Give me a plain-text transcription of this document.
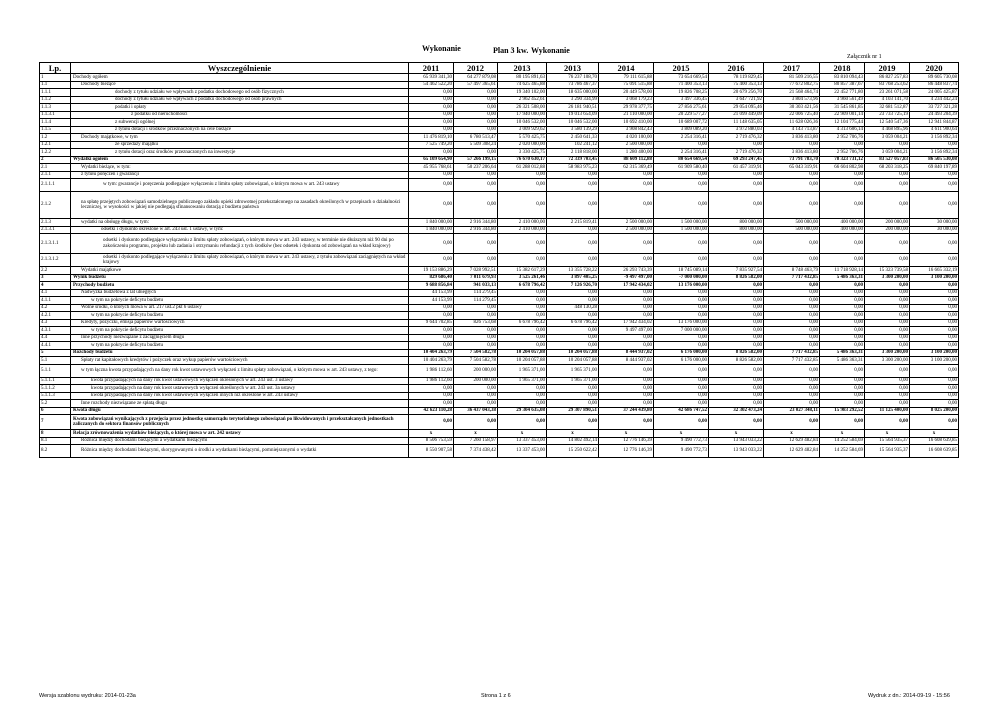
Wykonanie	Plan 3 kw. Wykonanie
Załącznik nr 1
Lp.	Wyszczególnienie	2011	2012	2013	2013	2014	2015	2016	2017	2018	2019	2020
1	Dochody ogółem	65 939 341,30	64 277 879,08	80 195 891,63	76 237 108,70	79 111 615,88	73 654 669,54	78 119 829,45	81 509 216,55	83 810 094,43	86 827 257,83	89 605 730,08
1.1	Dochody bieżące	54 462 522,20	57 497 365,61	74 625 465,88	73 786 467,37	75 091 515,88	71 400 353,13	75 400 353,13	77 672 802,75	80 857 387,67	83 768 253,62	86 448 837,74
1.1.1	dochody z tytułu udziału we wpływach z podatku dochodowego od osób fizycznych	0,00	0,00	19 340 102,00	18 635 000,00	20 449 578,00	19 826 708,25	20 679 256,70	21 568 464,74	22 452 771,80	23 261 071,58	24 005 425,87
1.1.2	dochody z tytułu udziału we wpływach z podatku dochodowego od osób prawnych	0,00	0,00	2 962 452,61	3 290 334,99	3 068 179,23	3 497 336,45	3 647 721,92	3 804 573,96	3 960 561,49	4 103 141,70	4 234 442,24
1.1.3	podatki i opłaty	0,00	0,00	26 321 508,00	26 181 940,51	29 978 377,75	27 856 275,61	29 054 095,46	30 303 421,56	31 545 861,85	32 681 512,87	33 727 321,28
1.1.3.1	z podatku od nieruchomości	0,00	0,00	17 940 000,00	19 013 654,09	21 110 000,00	20 229 577,27	21 099 449,09	22 006 725,40	22 909 001,14	23 733 725,19	24 493 204,39
1.1.4	z subwencji ogólnej	0,00	0,00	10 046 532,00	10 046 532,00	10 692 410,00	10 689 007,72	11 148 635,05	11 628 026,36	12 104 775,44	12 540 547,36	12 941 844,87
1.1.5	z tytułu dotacji i środków przeznaczonych na cele bieżące	0,00	0,00	3 009 929,62	3 580 139,29	3 908 842,43	3 809 089,20	3 972 880,03	4 143 713,87	4 313 606,14	4 468 895,96	4 611 900,64
1.2	Dochody majątkowe, w tym	11 476 819,10	6 780 513,47	5 570 425,75	2 450 641,33	4 020 100,00	2 254 316,41	2 719 476,32	3 836 413,80	2 952 706,76	3 059 004,21	3 156 892,34
1.2.1	ze sprzedaży majątku	7 525 749,20	5 509 308,24	2 020 000,00	102 241,12	2 500 000,00	0,00	0,00	0,00	0,00	0,00	0,00
1.2.2	z tytułu dotacji oraz środków przeznaczonych na inwestycje	0,00	0,00	3 330 425,75	2 118 818,00	1 280 400,00	2 254 316,41	2 719 476,32	3 836 413,80	2 952 706,76	3 059 004,21	3 156 892,34
2	Wydatki ogółem	65 109 654,90	57 266 199,15	76 670 630,17	72 339 703,45	88 609 112,88	80 654 669,54	69 293 247,45	73 791 783,70	78 323 731,12	83 527 057,83	86 505 530,08
2.1	Wydatki bieżące, w tym:	45 955 768,61	50 237 206,64	61 288 012,88	58 983 975,23	62 315 369,49	61 909 580,40	61 457 319,91	65 043 319,91	66 604 802,98	68 203 318,25	69 840 197,89
2.1.1	z tytułu poręczeń i gwarancji	0,00	0,00	0,00	0,00	0,00	0,00	0,00	0,00	0,00	0,00	0,00
2.1.1.1	w tym: gwarancje i poręczenia podlegające wyłączeniu z limitu spłaty zobowiązań, o którym mowa w art. 243 ustawy	0,00	0,00	0,00	0,00	0,00	0,00	0,00	0,00	0,00	0,00	0,00
2.1.2	na spłatę przejętych zobowiązań samodzielnego publicznego zakładu opieki zdrowotnej przekształconego na zasadach określonych w przepisach o działalności leczniczej, w wysokości w jakiej nie podlegają sfinansowaniu dotacją z budżetu państwa	0,00	0,00	0,00	0,00	0,00	0,00	0,00	0,00	0,00	0,00	0,00
2.1.3	wydatki na obsługę długu, w tym:	1 840 000,00	2 916 344,80	2 410 000,00	2 215 819,41	2 500 000,00	1 500 000,00	800 000,00	500 000,00	400 000,00	200 000,00	30 000,00
2.1.3.1	odsetki i dyskonto określone w art. 243 ust. 1 ustawy, w tym:	1 840 000,00	2 916 344,80	2 410 000,00	0,00	2 500 000,00	1 500 000,00	800 000,00	500 000,00	400 000,00	200 000,00	30 000,00
2.1.3.1.1	odsetki i dyskonto podlegające wyłączeniu z limitu spłaty zobowiązań, o którym mowa w art. 243 ustawy, w terminie nie dłuższym niż 90 dni po zakończeniu programu, projektu lub zadania i otrzymaniu refundacji z tych środków (bez odsetek i dyskonta od zobowiązań na wkład krajowy)	0,00	0,00	0,00	0,00	0,00	0,00	0,00	0,00	0,00	0,00	0,00
2.1.3.1.2	odsetki i dyskonto podlegające wyłączeniu z limitu spłaty zobowiązań, o którym mowa w art. 243 ustawy, z tytułu zobowiązań zaciągniętych na wkład krajowy	0,00	0,00	0,00	0,00	0,00	0,00	0,00	0,00	0,00	0,00	0,00
2.2	Wydatki majątkowe	19 153 886,29	7 028 992,51	15 382 617,29	13 355 728,22	26 293 743,39	18 745 089,14	7 835 927,54	8 748 463,79	11 718 928,14	15 323 739,58	16 665 332,19
3	Wynik budżetu	829 686,40	7 011 679,93	3 525 261,46	3 897 405,25	-9 497 497,00	-7 000 000,00	8 826 582,00	7 717 432,85	5 486 363,31	3 300 200,00	3 100 200,00
4	Przychody budżetu	9 688 856,84	941 033,13	6 678 796,42	7 126 926,70	17 942 434,02	13 176 000,00	0,00	0,00	0,00	0,00	0,00
4.1	Nadwyżka budżetowa z lat ubiegłych	44 153,99	114 279,45	0,00	0,00	0,00	0,00	0,00	0,00	0,00	0,00	0,00
4.1.1	w tym na pokrycie deficytu budżetu	44 153,99	114 279,45	0,00	0,00	0,00	0,00	0,00	0,00	0,00	0,00	0,00
4.2	Wolne środki, o których mowa w art. 217 ust.2 pkt 6 ustawy	0,00	0,00	0,00	448 130,28	0,00	0,00	0,00	0,00	0,00	0,00	0,00
4.2.1	w tym na pokrycie deficytu budżetu	0,00	0,00	0,00	0,00	0,00	0,00	0,00	0,00	0,00	0,00	0,00
4.3	Kredyty, pożyczki, emisja papierów wartościowych	9 644 702,85	826 753,68	6 678 796,42	6 678 796,42	17 942 434,02	13 176 000,00	0,00	0,00	0,00	0,00	0,00
4.3.1	w tym na pokrycie deficytu budżetu	0,00	0,00	0,00	0,00	9 497 497,00	7 000 000,00	0,00	0,00	0,00	0,00	0,00
4.4	Inne przychody niezwiązane z zaciągnięciem długu	0,00	0,00	0,00	0,00	0,00	0,00	0,00	0,00	0,00	0,00	0,00
4.4.1	w tym na pokrycie deficytu budżetu	0,00	0,00	0,00	0,00	0,00	0,00	0,00	0,00	0,00	0,00	0,00
5	Rozchody budżetu	10 404 263,79	7 504 582,78	10 204 057,88	10 204 057,88	8 444 937,02	6 176 000,00	8 826 582,00	7 717 432,85	5 486 363,31	3 300 200,00	3 100 200,00
5.1	Spłaty rat kapitałowych kredytów i pożyczek oraz wykup papierów wartościowych	10 404 263,79	7 504 582,78	10 204 057,88	10 204 057,88	8 444 937,02	6 176 000,00	8 826 582,00	7 717 432,85	5 486 363,31	3 300 200,00	3 100 200,00
5.1.1	w tym łączna kwota przypadających na dany rok kwot ustawowych wyłączeń z limitu spłaty zobowiązań, o którym mowa w art. 243 ustawy, z tego:	1 986 112,60	200 000,00	1 965 371,00	1 965 371,00	0,00	0,00	0,00	0,00	0,00	0,00	0,00
5.1.1.1	kwota przypadających na dany rok kwot ustawowych wyłączeń określonych w art. 243 ust. 3 ustawy	1 986 112,60	200 000,00	1 965 371,00	1 965 371,00	0,00	0,00	0,00	0,00	0,00	0,00	0,00
5.1.1.2	kwota przypadających na dany rok kwot ustawowych wyłączeń określonych w art. 243 ust. 3a ustawy	0,00	0,00	0,00	0,00	0,00	0,00	0,00	0,00	0,00	0,00	0,00
5.1.1.3	kwota przypadających na dany rok kwot ustawowych wyłączeń innych niż określone w art. 243 ustawy	0,00	0,00	0,00	0,00	0,00	0,00	0,00	0,00	0,00	0,00	0,00
5.2	Inne rozchody niezwiązane ze spłatą długu	0,00	0,00	0,00	0,00	0,00	0,00	0,00	0,00	0,00	0,00	0,00
6	Kwota długu	42 623 110,28	36 437 043,38	29 304 635,08	29 307 890,51	37 244 439,80	42 686 747,52	32 302 473,24	23 027 348,11	15 983 292,52	11 125 400,00	8 025 200,00
7	Kwota zobowiązań wynikających z przejęcia przez jednostkę samorządu terytorialnego zobowiązań po likwidowanych i przekształcanych jednostkach zaliczanych do sektora finansów publicznych	0,00	0,00	0,00	0,00	0,00	0,00	0,00	0,00	0,00	0,00	0,00
8	Relacja zrównoważenia wydatków bieżących, o której mowa w art. 242 ustawy	x	x	x	x	x	x	x	x	x	x	x
8.1	Różnica między dochodami bieżącymi a wydatkami bieżącymi	8 506 753,59	7 260 158,97	13 337 453,00	14 802 492,14	12 776 146,39	9 490 772,73	13 943 033,22	12 629 482,84	14 252 584,69	15 564 935,37	16 608 639,85
8.2	Różnica między dochodami bieżącymi, skorygowanymi o środki a wydatkami bieżącymi, pomniejszonymi o wydatki	8 550 907,58	7 374 438,42	13 337 453,00	15 250 622,42	12 776 146,39	9 490 772,73	13 943 033,22	12 629 482,84	14 252 584,69	15 564 935,37	16 608 639,85
Wersja szablonu wydruku: 2014-01-23a	Strona 1 z 6	Wydruk z dn.: 2014-09-19 - 15:56
